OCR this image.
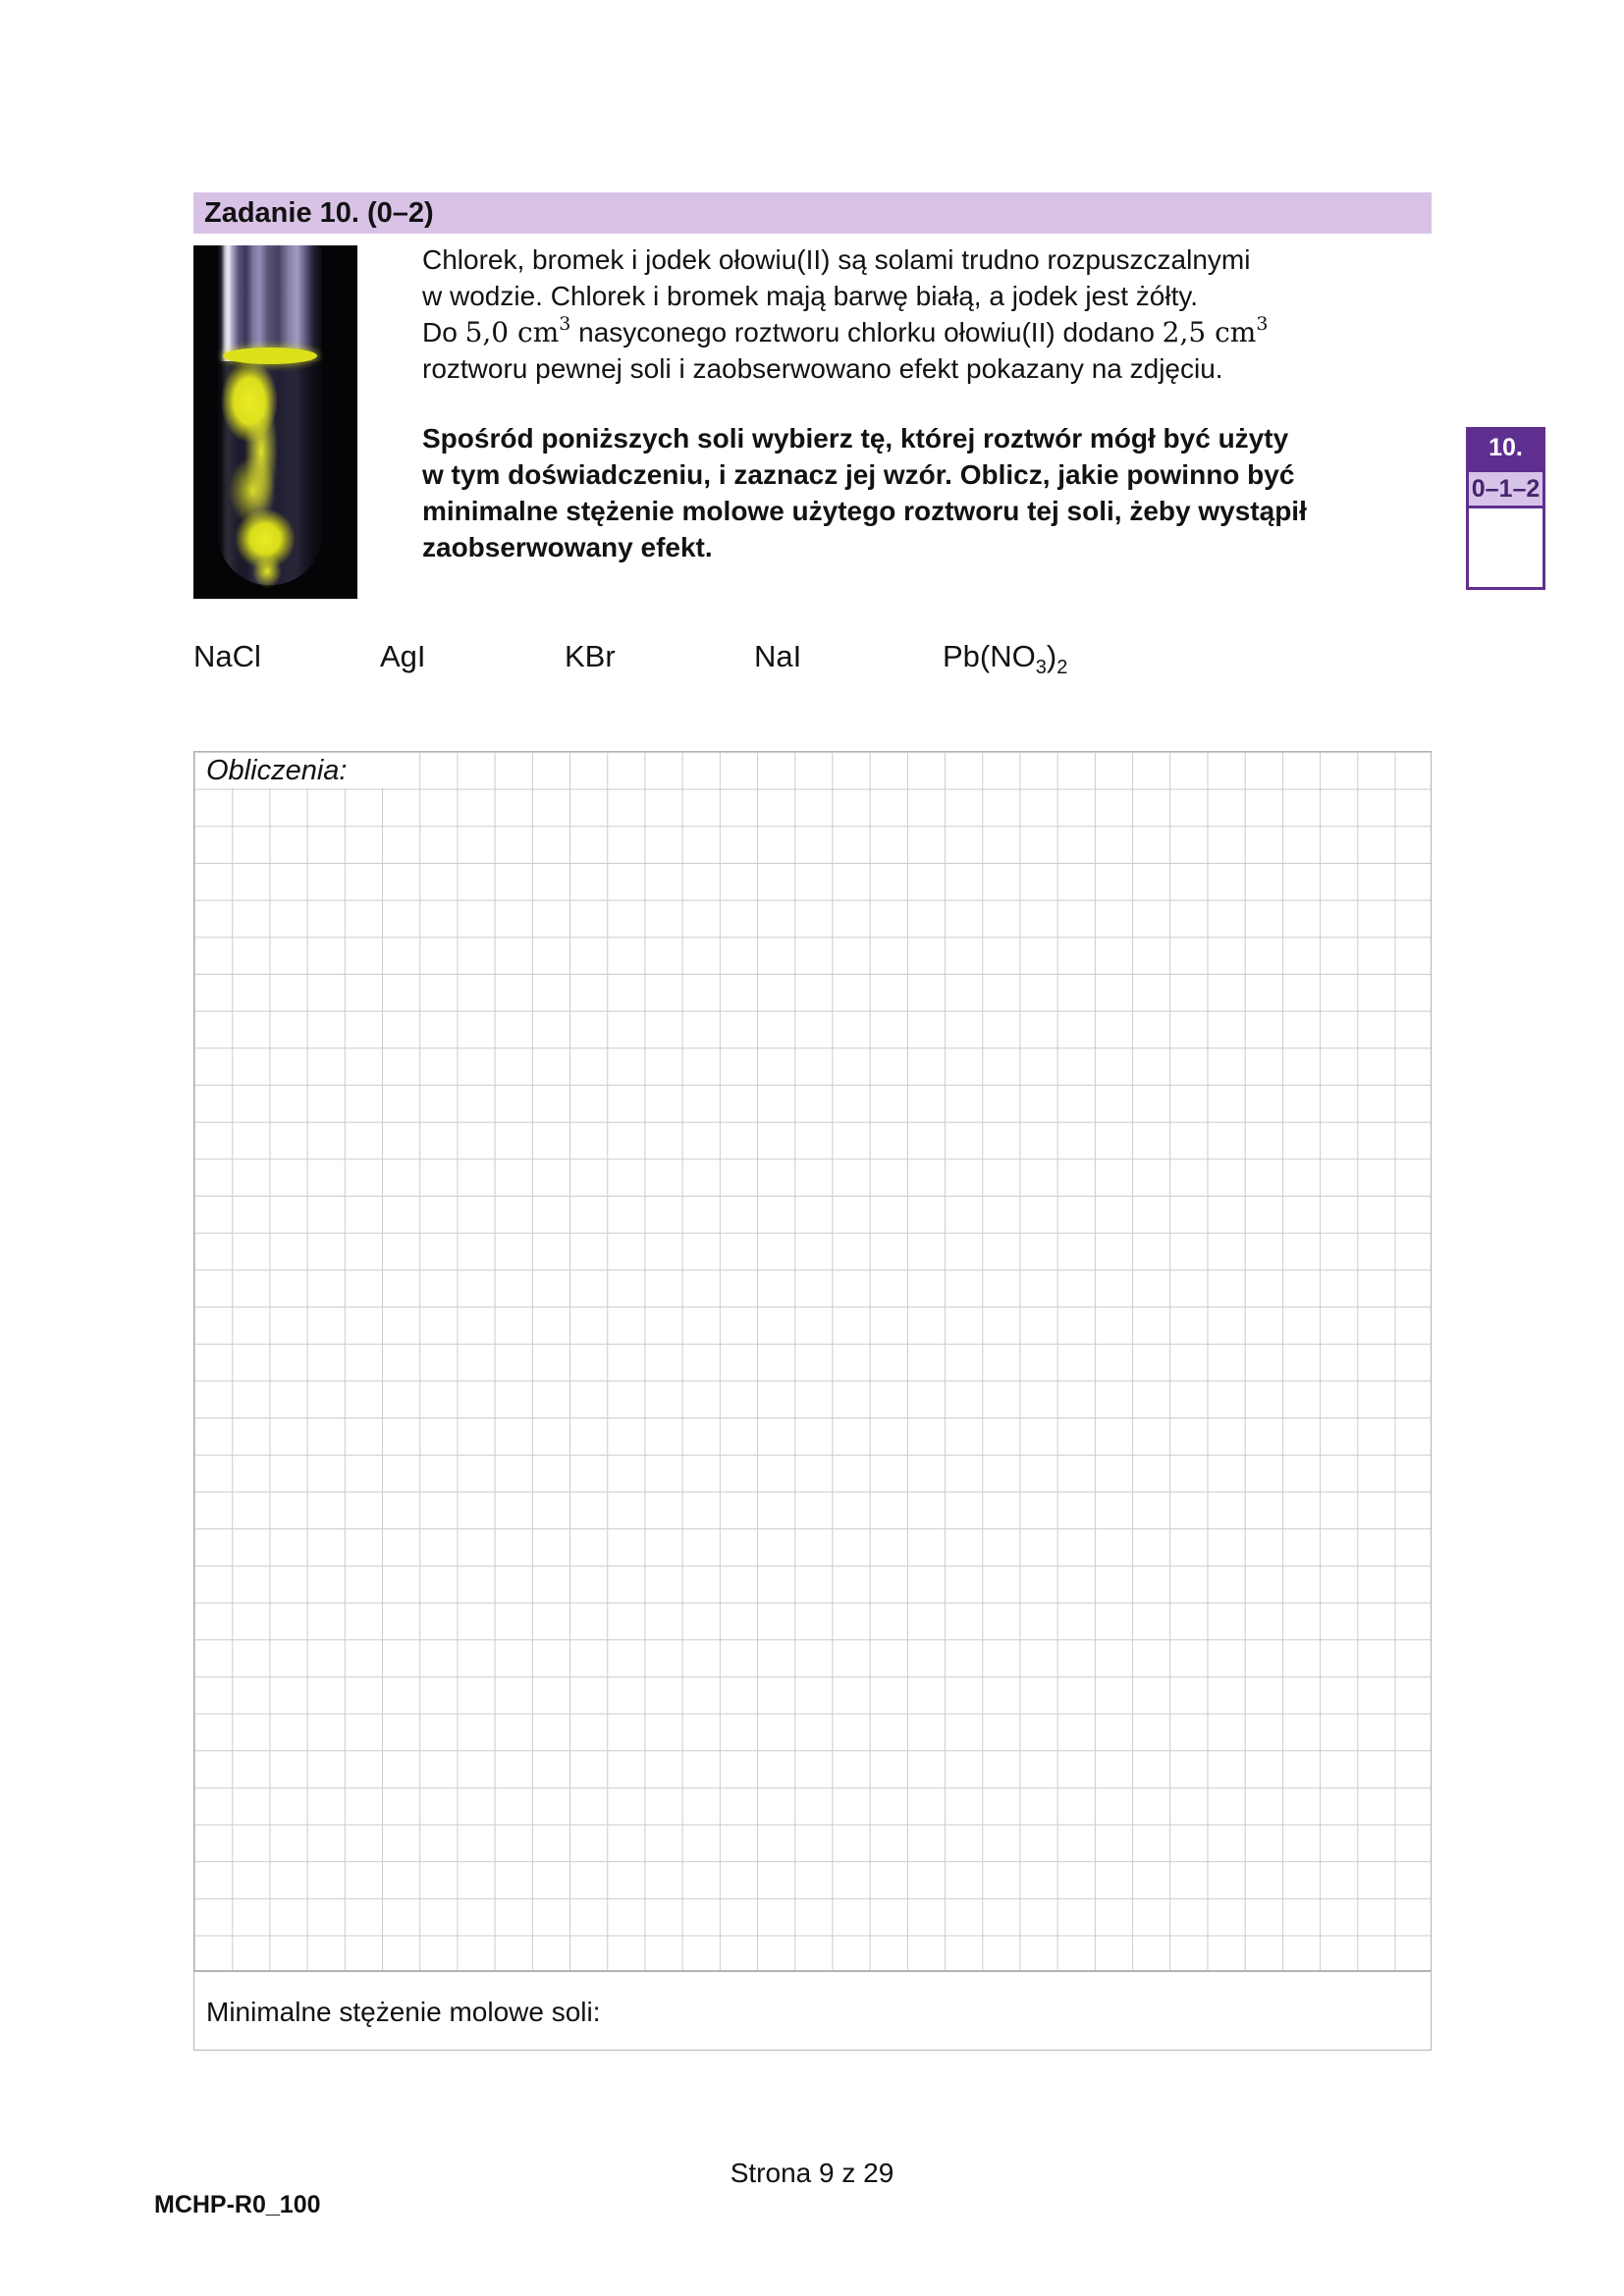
Zadanie 10. (0–2)
Chlorek, bromek i jodek ołowiu(II) są solami trudno rozpuszczalnymi
w wodzie. Chlorek i bromek mają barwę białą, a jodek jest żółty.
Do 5,0 $cm^3$ nasyconego roztworu chlorku ołowiu(II) dodano 2,5 $cm^3$
roztworu pewnej soli i zaobserwowano efekt pokazany na zdjęciu.
Spośród poniższych soli wybierz tę, której roztwór mógł być użyty
w tym doświadczeniu, i zaznacz jej wzór. Oblicz, jakie powinno być
minimalne stężenie molowe użytego roztworu tej soli, żeby wystąpił
zaobserwowany efekt.
10.
0–1–2
NaCl	AgI	KBr	NaI	$Pb(NO_3)_2$
Obliczenia:
Minimalne stężenie molowe soli:
Strona 9 z 29
MCHP-R0_100
